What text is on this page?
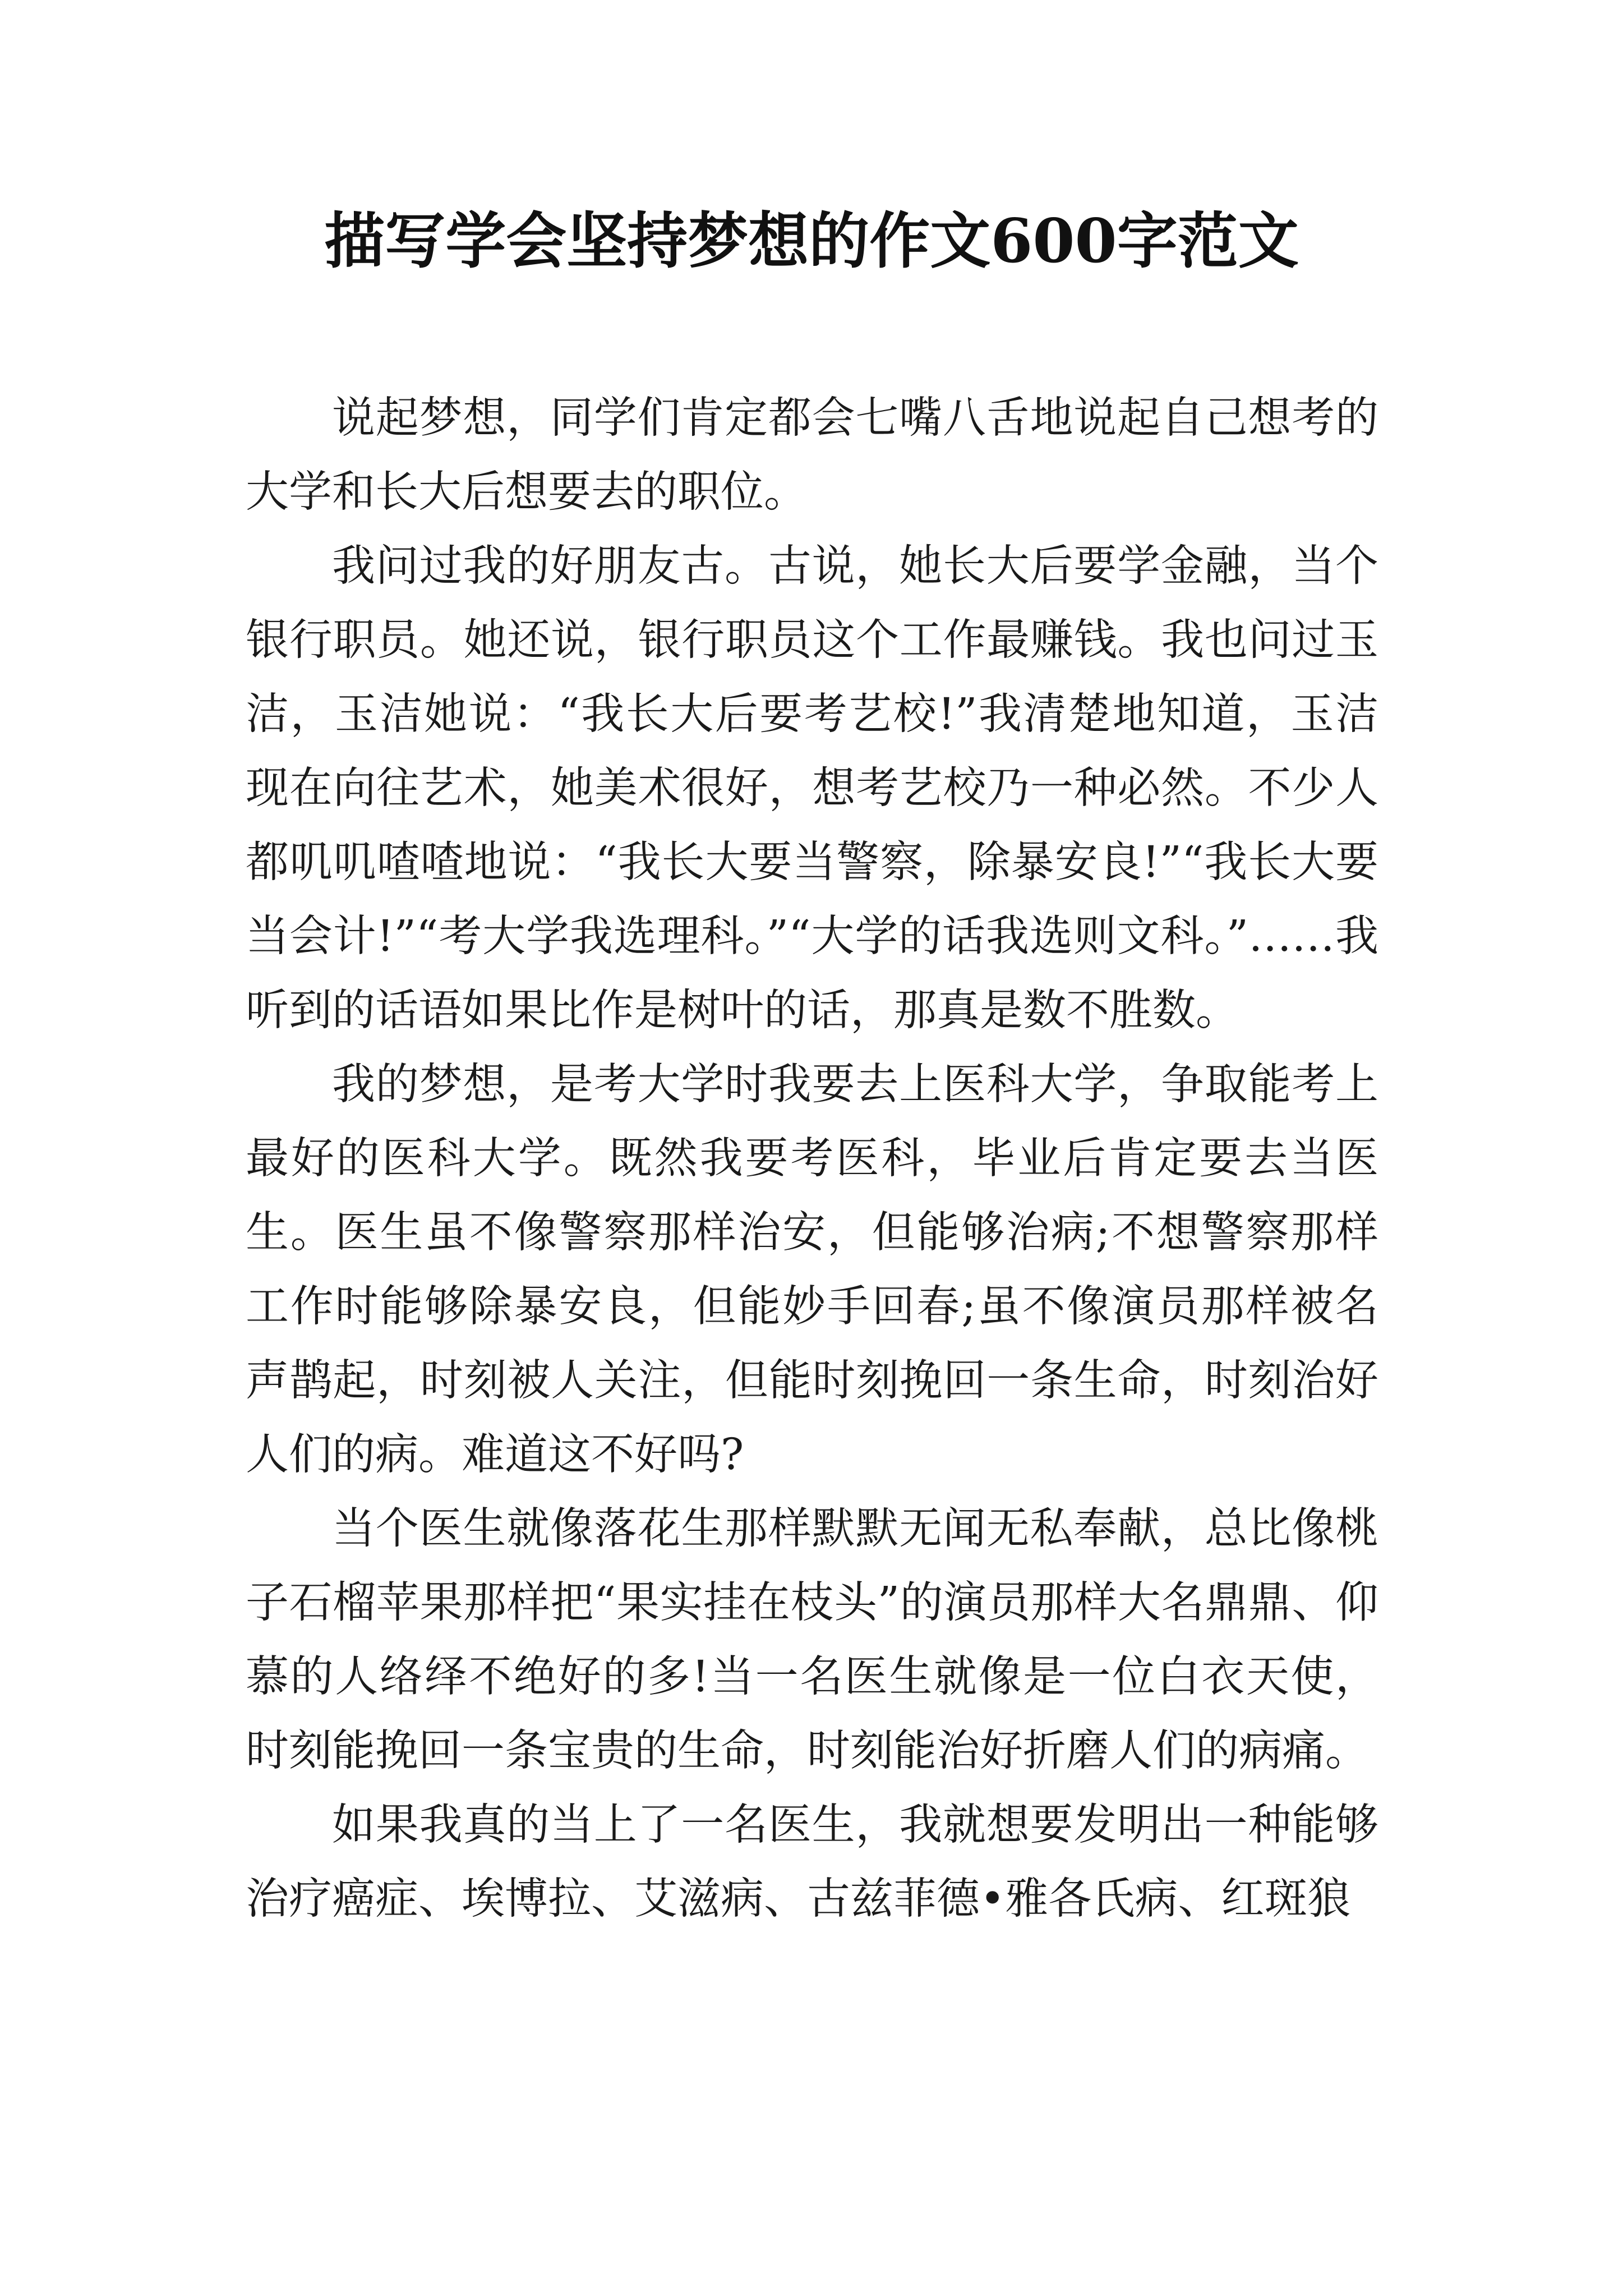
描写学会坚持梦想的作文600字范文

说起梦想，同学们肯定都会七嘴八舌地说起自己想考的大学和长大后想要去的职位。

我问过我的好朋友古。古说，她长大后要学金融，当个银行职员。她还说，银行职员这个工作最赚钱。我也问过玉洁，玉洁她说：“我长大后要考艺校!”我清楚地知道，玉洁现在向往艺术，她美术很好，想考艺校乃一种必然。不少人都叽叽喳喳地说：“我长大要当警察，除暴安良!”“我长大要当会计!”“考大学我选理科。”“大学的话我选则文科。”……我听到的话语如果比作是树叶的话，那真是数不胜数。

我的梦想，是考大学时我要去上医科大学，争取能考上最好的医科大学。既然我要考医科，毕业后肯定要去当医生。医生虽不像警察那样治安，但能够治病;不想警察那样工作时能够除暴安良，但能妙手回春;虽不像演员那样被名声鹊起，时刻被人关注，但能时刻挽回一条生命，时刻治好人们的病。难道这不好吗?

当个医生就像落花生那样默默无闻无私奉献，总比像桃子石榴苹果那样把“果实挂在枝头”的演员那样大名鼎鼎、仰慕的人络绎不绝好的多!当一名医生就像是一位白衣天使，时刻能挽回一条宝贵的生命，时刻能治好折磨人们的病痛。

如果我真的当上了一名医生，我就想要发明出一种能够治疗癌症、埃博拉、艾滋病、古兹菲德•雅各氏病、红斑狼
